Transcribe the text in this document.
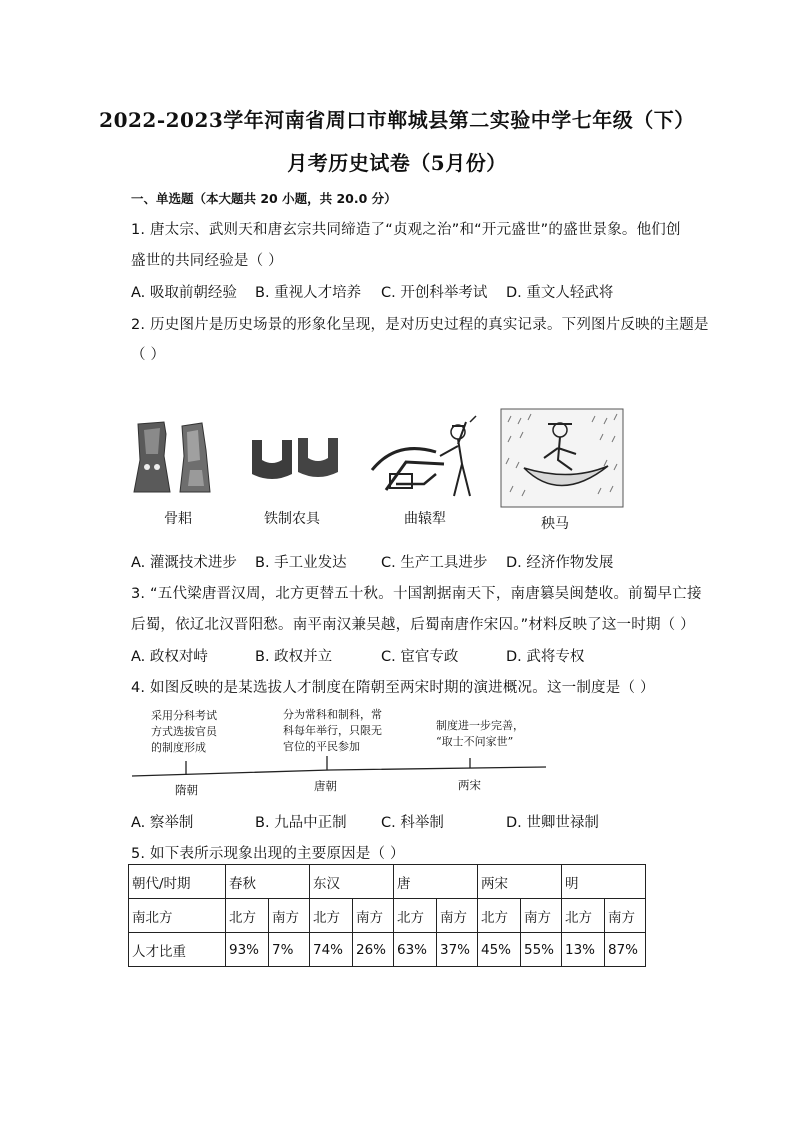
2022-2023学年河南省周口市郸城县第二实验中学七年级（下）
月考历史试卷（5月份）
一、单选题（本大题共 20 小题，共 20.0 分）
1. 唐太宗、武则天和唐玄宗共同缔造了“贞观之治”和“开元盛世”的盛世景象。他们创
盛世的共同经验是（ ）
A. 吸取前朝经验 B. 重视人才培养 C. 开创科举考试 D. 重文人轻武将
2. 历史图片是历史场景的形象化呈现，是对历史过程的真实记录。下列图片反映的主题是
（ ）
骨耜	铁制农具	曲辕犁	秧马
A. 灌溉技术进步 B. 手工业发达 C. 生产工具进步 D. 经济作物发展
3. “五代梁唐晋汉周，北方更替五十秋。十国割据南天下，南唐篡吴闽楚收。前蜀早亡接
后蜀，依辽北汉晋阳愁。南平南汉兼吴越，后蜀南唐作宋囚。”材料反映了这一时期（ ）
A. 政权对峙	B. 政权并立	C. 宦官专政	D. 武将专权
4. 如图反映的是某选拔人才制度在隋朝至两宋时期的演进概况。这一制度是（ ）
采用分科考试
方式选拔官员
的制度形成
分为常科和制科，常
科每年举行，只限无
官位的平民参加
制度进一步完善，
“取士不问家世”
隋朝	唐朝	两宋
A. 察举制	B. 九品中正制 C. 科举制	D. 世卿世禄制
5. 如下表所示现象出现的主要原因是（ ）
朝代/时期	春秋		东汉		唐		两宋		明	
南北方	北方	南方	北方	南方	北方	南方	北方	南方	北方	南方
人才比重	93%	7%	74%	26%	63%	37%	45%	55%	13%	87%
